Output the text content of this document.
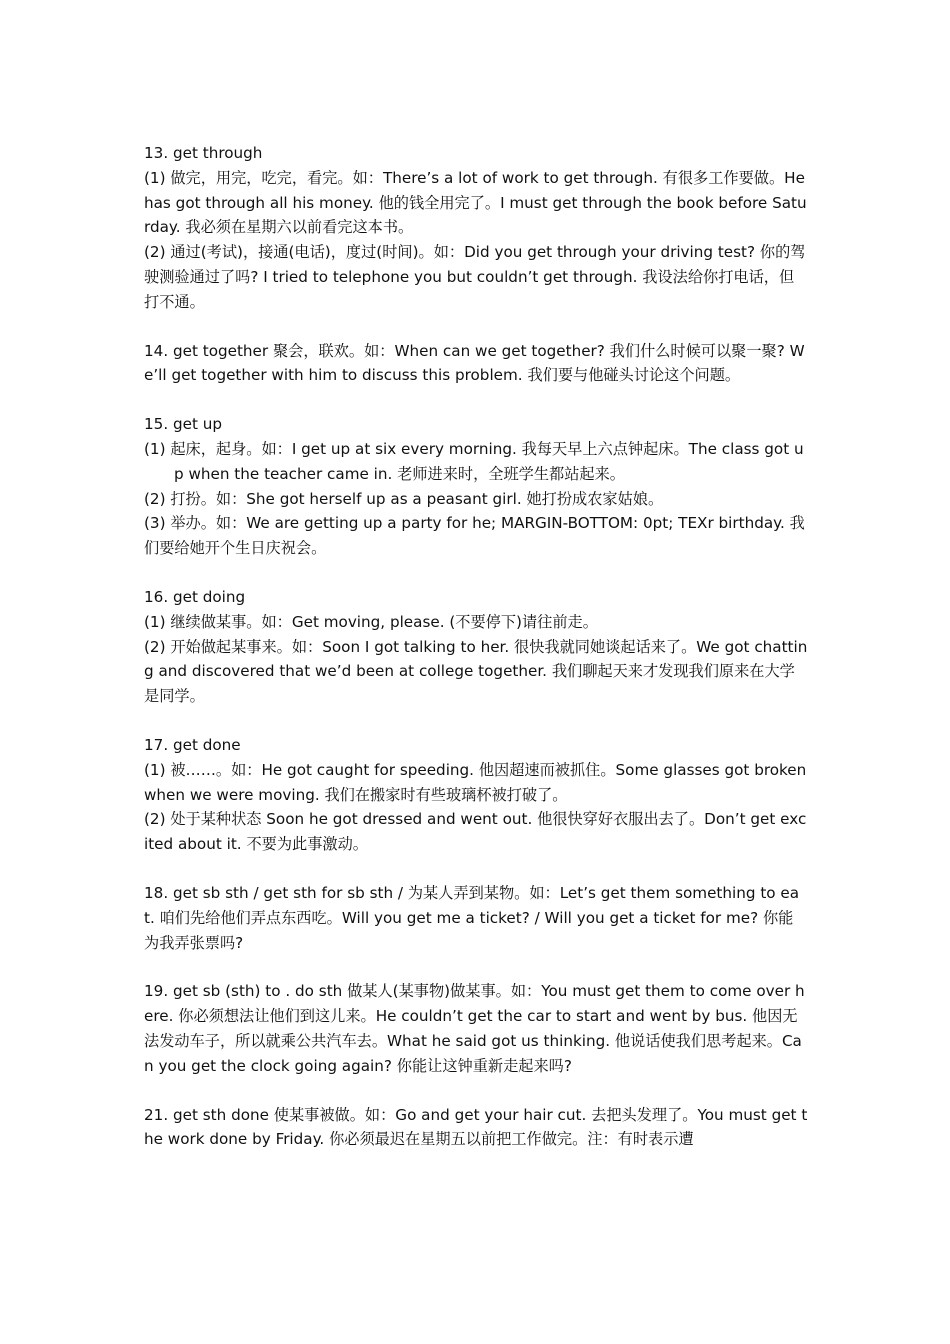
13. get through

(1) 做完，用完，吃完，看完。如：There’s a lot of work to get through. 有很多工作要做。He has got through all his money. 他的钱全用完了。I must get through the book before Saturday. 我必须在星期六以前看完这本书。

(2) 通过(考试)，接通(电话)，度过(时间)。如：Did you get through your driving test? 你的驾驶测验通过了吗? I tried to telephone you but couldn’t get through. 我设法给你打电话，但打不通。

14. get together 聚会，联欢。如：When can we get together? 我们什么时候可以聚一聚? We’ll get together with him to discuss this problem. 我们要与他碰头讨论这个问题。

15. get up

(1) 起床，起身。如：I get up at six every morning. 我每天早上六点钟起床。The class got up when the teacher came in. 老师进来时，全班学生都站起来。

(2) 打扮。如：She got herself up as a peasant girl. 她打扮成农家姑娘。

(3) 举办。如：We are getting up a party for he; MARGIN-BOTTOM: 0pt; TEXr birthday. 我们要给她开个生日庆祝会。

16. get doing

(1) 继续做某事。如：Get moving, please. (不要停下)请往前走。

(2) 开始做起某事来。如：Soon I got talking to her. 很快我就同她谈起话来了。We got chatting and discovered that we’d been at college together. 我们聊起天来才发现我们原来在大学是同学。

17. get done

(1) 被……。如：He got caught for speeding. 他因超速而被抓住。Some glasses got broken when we were moving. 我们在搬家时有些玻璃杯被打破了。

(2) 处于某种状态 Soon he got dressed and went out. 他很快穿好衣服出去了。Don’t get excited about it. 不要为此事激动。

18. get sb sth / get sth for sb sth / 为某人弄到某物。如：Let’s get them something to eat. 咱们先给他们弄点东西吃。Will you get me a ticket? / Will you get a ticket for me? 你能为我弄张票吗?

19. get sb (sth) to . do sth 做某人(某事物)做某事。如：You must get them to come over here. 你必须想法让他们到这儿来。He couldn’t get the car to start and went by bus. 他因无法发动车子，所以就乘公共汽车去。What he said got us thinking. 他说话使我们思考起来。Can you get the clock going again? 你能让这钟重新走起来吗?

21. get sth done 使某事被做。如：Go and get your hair cut. 去把头发理了。You must get the work done by Friday. 你必须最迟在星期五以前把工作做完。注：有时表示遭
